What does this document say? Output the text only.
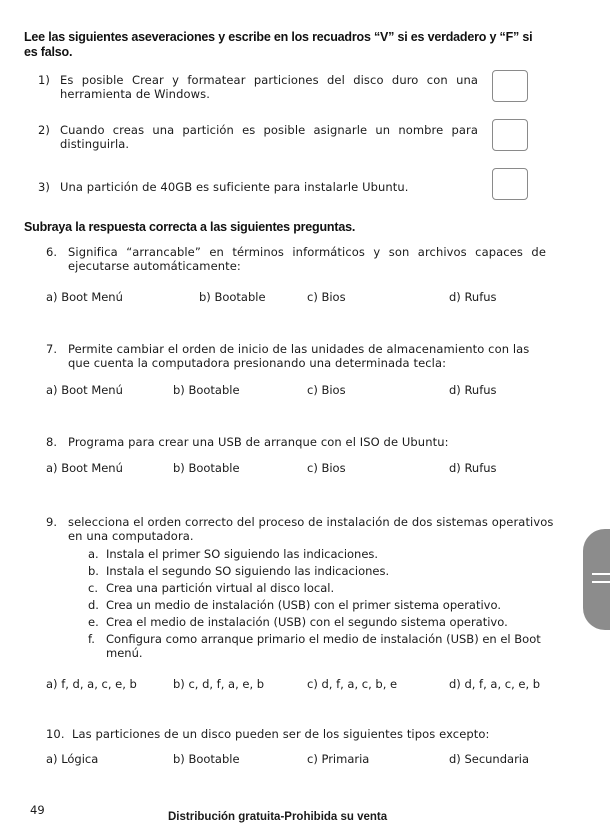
Lee las siguientes aseveraciones y escribe en los recuadros “V” si es verdadero y “F” si es falso.
1) Es posible Crear y formatear particiones del disco duro con una herramienta de Windows.
2) Cuando creas una partición es posible asignarle un nombre para distinguirla.
3) Una partición de 40GB es suficiente para instalarle Ubuntu.
Subraya la respuesta correcta a las siguientes preguntas.
6. Significa “arrancable” en términos informáticos y son archivos capaces de ejecutarse automáticamente:
a) Boot Menú	b) Bootable	c) Bios	d) Rufus
7. Permite cambiar el orden de inicio de las unidades de almacenamiento con las que cuenta la computadora presionando una determinada tecla:
a) Boot Menú	b) Bootable	c) Bios	d) Rufus
8. Programa para crear una USB de arranque con el ISO de Ubuntu:
a) Boot Menú	b) Bootable	c) Bios	d) Rufus
9. selecciona el orden correcto del proceso de instalación de dos sistemas operativos en una computadora.
a. Instala el primer SO siguiendo las indicaciones.
b. Instala el segundo SO siguiendo las indicaciones.
c. Crea una partición virtual al disco local.
d. Crea un medio de instalación (USB) con el primer sistema operativo.
e. Crea el medio de instalación (USB) con el segundo sistema operativo.
f. Configura como arranque primario el medio de instalación (USB) en el Boot menú.
a) f, d, a, c, e, b	b) c, d, f, a, e, b	c) d, f, a, c, b, e	d) d, f, a, c, e, b
10. Las particiones de un disco pueden ser de los siguientes tipos excepto:
a) Lógica	b) Bootable	c) Primaria	d) Secundaria
49	Distribución gratuita-Prohibida su venta
